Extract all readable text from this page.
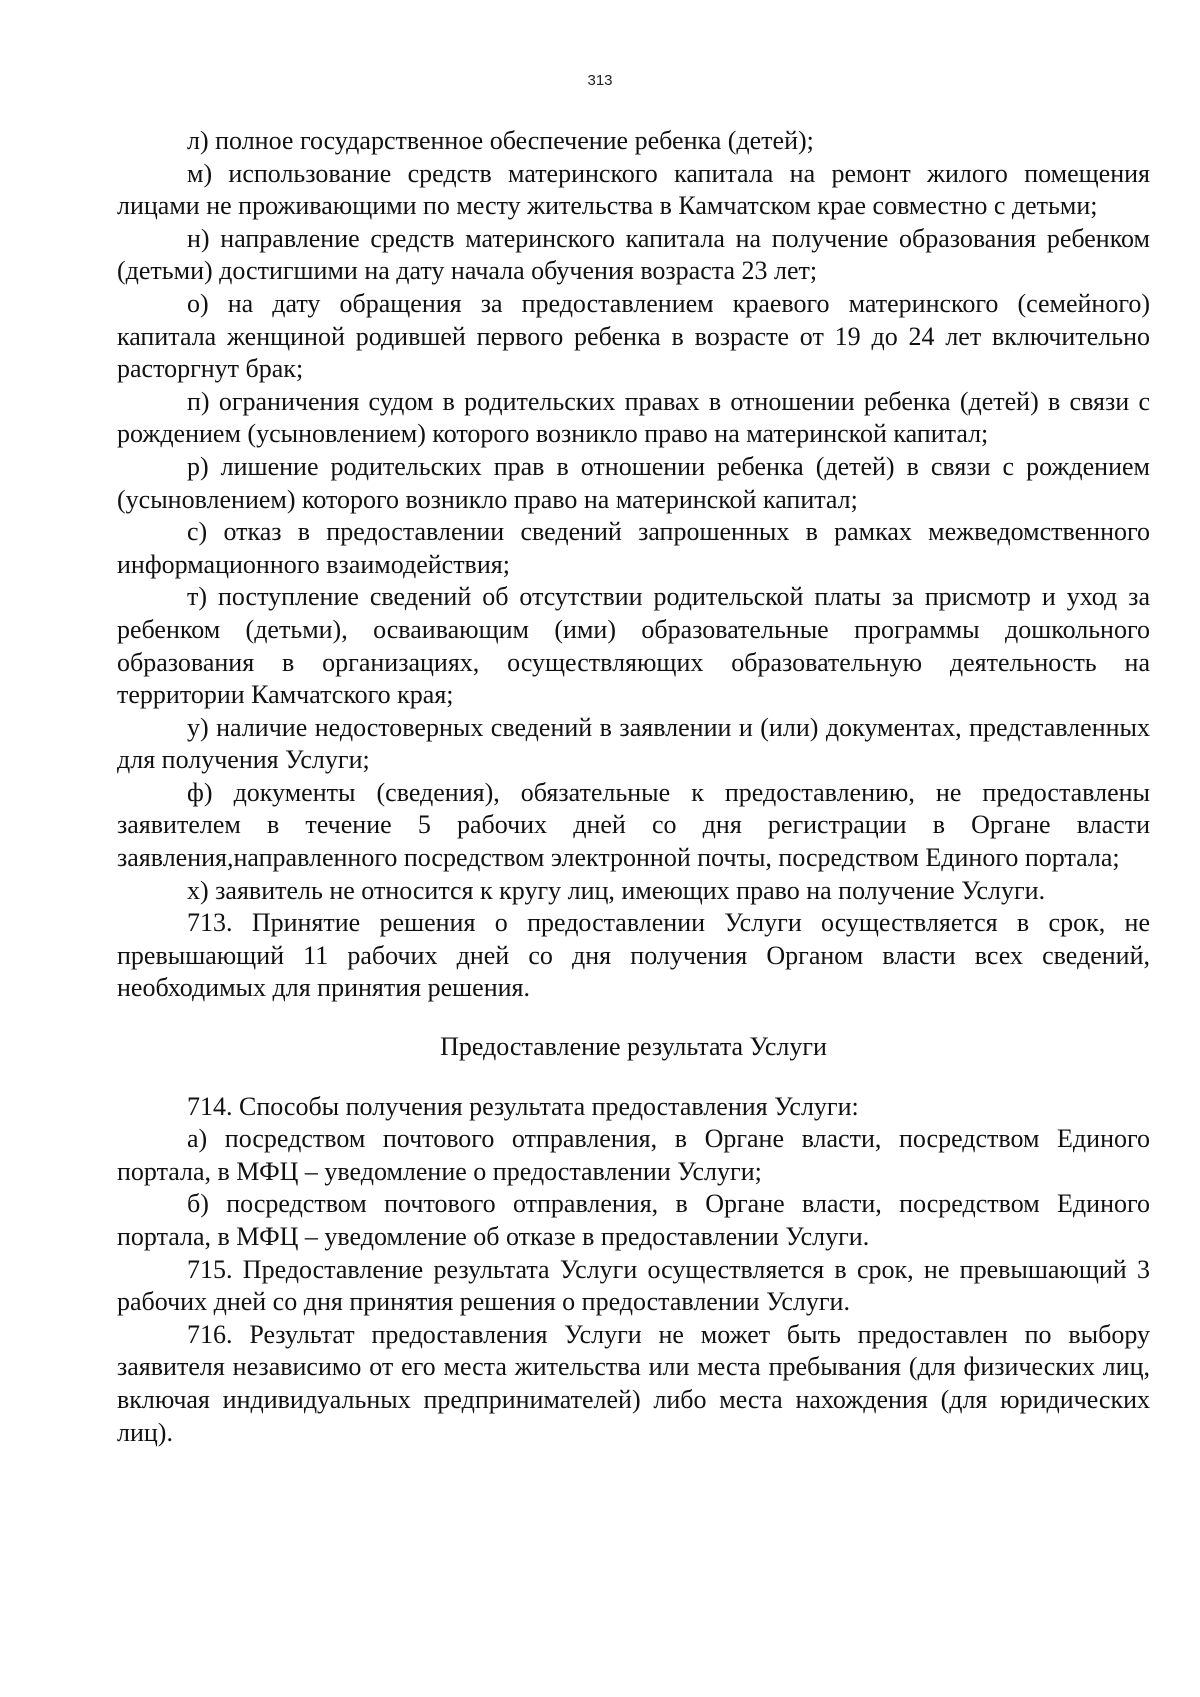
313

л) полное государственное обеспечение ребенка (детей);

м) использование средств материнского капитала на ремонт жилого помещения лицами не проживающими по месту жительства в Камчатском крае совместно с детьми;

н) направление средств материнского капитала на получение образования ребенком (детьми) достигшими на дату начала обучения возраста 23 лет;

о) на дату обращения за предоставлением краевого материнского (семейного) капитала женщиной родившей первого ребенка в возрасте от 19 до 24 лет включительно расторгнут брак;

п) ограничения судом в родительских правах в отношении ребенка (детей) в связи с рождением (усыновлением) которого возникло право на материнской капитал;

р) лишение родительских прав в отношении ребенка (детей) в связи с рождением (усыновлением) которого возникло право на материнской капитал;

с) отказ в предоставлении сведений запрошенных в рамках межведомственного информационного взаимодействия;

т) поступление сведений об отсутствии родительской платы за присмотр и уход за ребенком (детьми), осваивающим (ими) образовательные программы дошкольного образования в организациях, осуществляющих образовательную деятельность на территории Камчатского края;

у) наличие недостоверных сведений в заявлении и (или) документах, представленных для получения Услуги;

ф) документы (сведения), обязательные к предоставлению, не предоставлены заявителем в течение 5 рабочих дней со дня регистрации в Органе власти заявления,направленного посредством электронной почты, посредством Единого портала;

х) заявитель не относится к кругу лиц, имеющих право на получение Услуги.

713. Принятие решения о предоставлении Услуги осуществляется в срок, не превышающий 11 рабочих дней со дня получения Органом власти всех сведений, необходимых для принятия решения.

Предоставление результата Услуги

714. Способы получения результата предоставления Услуги:

а) посредством почтового отправления, в Органе власти, посредством Единого портала, в МФЦ – уведомление о предоставлении Услуги;

б) посредством почтового отправления, в Органе власти, посредством Единого портала, в МФЦ – уведомление об отказе в предоставлении Услуги.

715. Предоставление результата Услуги осуществляется в срок, не превышающий 3 рабочих дней со дня принятия решения о предоставлении Услуги.

716. Результат предоставления Услуги не может быть предоставлен по выбору заявителя независимо от его места жительства или места пребывания (для физических лиц, включая индивидуальных предпринимателей) либо места нахождения (для юридических лиц).
